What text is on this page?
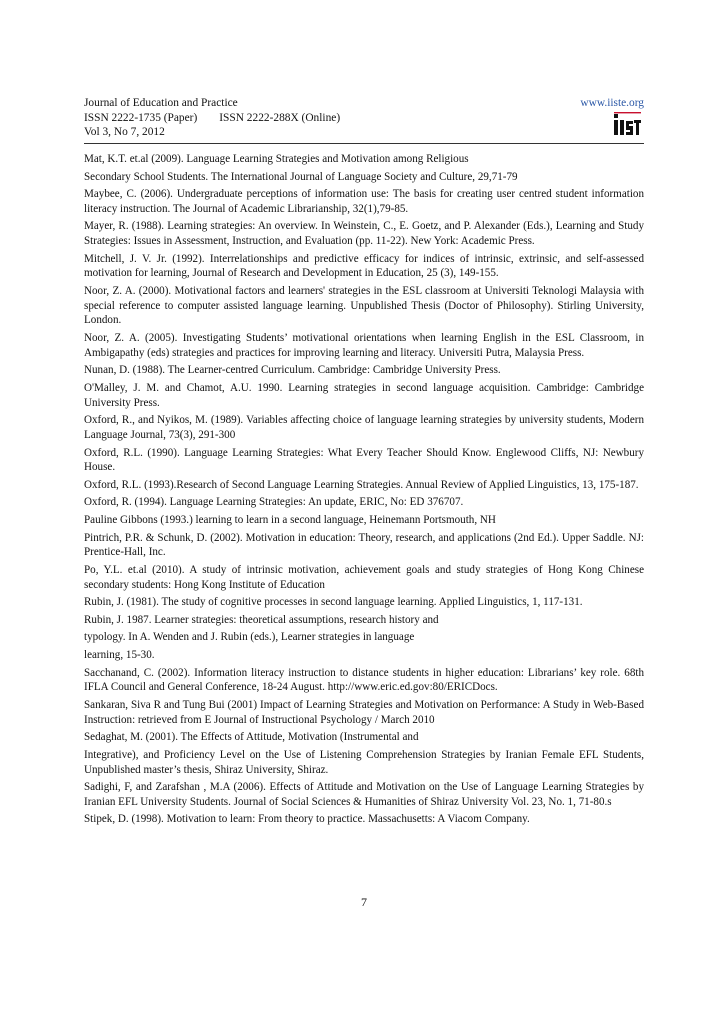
Journal of Education and Practice
ISSN 2222-1735 (Paper) ISSN 2222-288X (Online)
Vol 3, No 7, 2012
www.iiste.org

Mat, K.T. et.al (2009). Language Learning Strategies and Motivation among Religious

Secondary School Students. The International Journal of Language Society and Culture, 29,71-79

Maybee, C. (2006). Undergraduate perceptions of information use: The basis for creating user centred student information literacy instruction. The Journal of Academic Librarianship, 32(1),79-85.

Mayer, R. (1988). Learning strategies: An overview. In Weinstein, C., E. Goetz, and P. Alexander (Eds.), Learning and Study Strategies: Issues in Assessment, Instruction, and Evaluation (pp. 11-22). New York: Academic Press.

Mitchell, J. V. Jr. (1992). Interrelationships and predictive efficacy for indices of intrinsic, extrinsic, and self-assessed motivation for learning, Journal of Research and Development in Education, 25 (3), 149-155.

Noor, Z. A. (2000). Motivational factors and learners' strategies in the ESL classroom at Universiti Teknologi Malaysia with special reference to computer assisted language learning. Unpublished Thesis (Doctor of Philosophy). Stirling University, London.

Noor, Z. A. (2005). Investigating Students’ motivational orientations when learning English in the ESL Classroom, in Ambigapathy (eds) strategies and practices for improving learning and literacy. Universiti Putra, Malaysia Press.

Nunan, D. (1988). The Learner-centred Curriculum. Cambridge: Cambridge University Press.

O'Malley, J. M. and Chamot, A.U. 1990. Learning strategies in second language acquisition. Cambridge: Cambridge University Press.

Oxford, R., and Nyikos, M. (1989). Variables affecting choice of language learning strategies by university students, Modern Language Journal, 73(3), 291-300

Oxford, R.L. (1990). Language Learning Strategies: What Every Teacher Should Know. Englewood Cliffs, NJ: Newbury House.

Oxford, R.L. (1993).Research of Second Language Learning Strategies. Annual Review of Applied Linguistics, 13, 175-187.

Oxford, R. (1994). Language Learning Strategies: An update, ERIC, No: ED 376707.

Pauline Gibbons (1993.) learning to learn in a second language, Heinemann Portsmouth, NH

Pintrich, P.R. & Schunk, D. (2002). Motivation in education: Theory, research, and applications (2nd Ed.). Upper Saddle. NJ: Prentice-Hall, Inc.

Po, Y.L. et.al (2010). A study of intrinsic motivation, achievement goals and study strategies of Hong Kong Chinese secondary students: Hong Kong Institute of Education

Rubin, J. (1981). The study of cognitive processes in second language learning. Applied Linguistics, 1, 117-131.

Rubin, J. 1987. Learner strategies: theoretical assumptions, research history and

typology. In A. Wenden and J. Rubin (eds.), Learner strategies in language

learning, 15-30.

Sacchanand, C. (2002). Information literacy instruction to distance students in higher education: Librarians’ key role. 68th IFLA Council and General Conference, 18-24 August. http://www.eric.ed.gov:80/ERICDocs.

Sankaran, Siva R and Tung Bui (2001) Impact of Learning Strategies and Motivation on Performance: A Study in Web-Based Instruction: retrieved from E Journal of Instructional Psychology / March 2010

Sedaghat, M. (2001). The Effects of Attitude, Motivation (Instrumental and

Integrative), and Proficiency Level on the Use of Listening Comprehension Strategies by Iranian Female EFL Students, Unpublished master’s thesis, Shiraz University, Shiraz.

Sadighi, F, and Zarafshan , M.A (2006). Effects of Attitude and Motivation on the Use of Language Learning Strategies by Iranian EFL University Students. Journal of Social Sciences & Humanities of Shiraz University Vol. 23, No. 1, 71-80.s

Stipek, D. (1998). Motivation to learn: From theory to practice. Massachusetts: A Viacom Company.

7
